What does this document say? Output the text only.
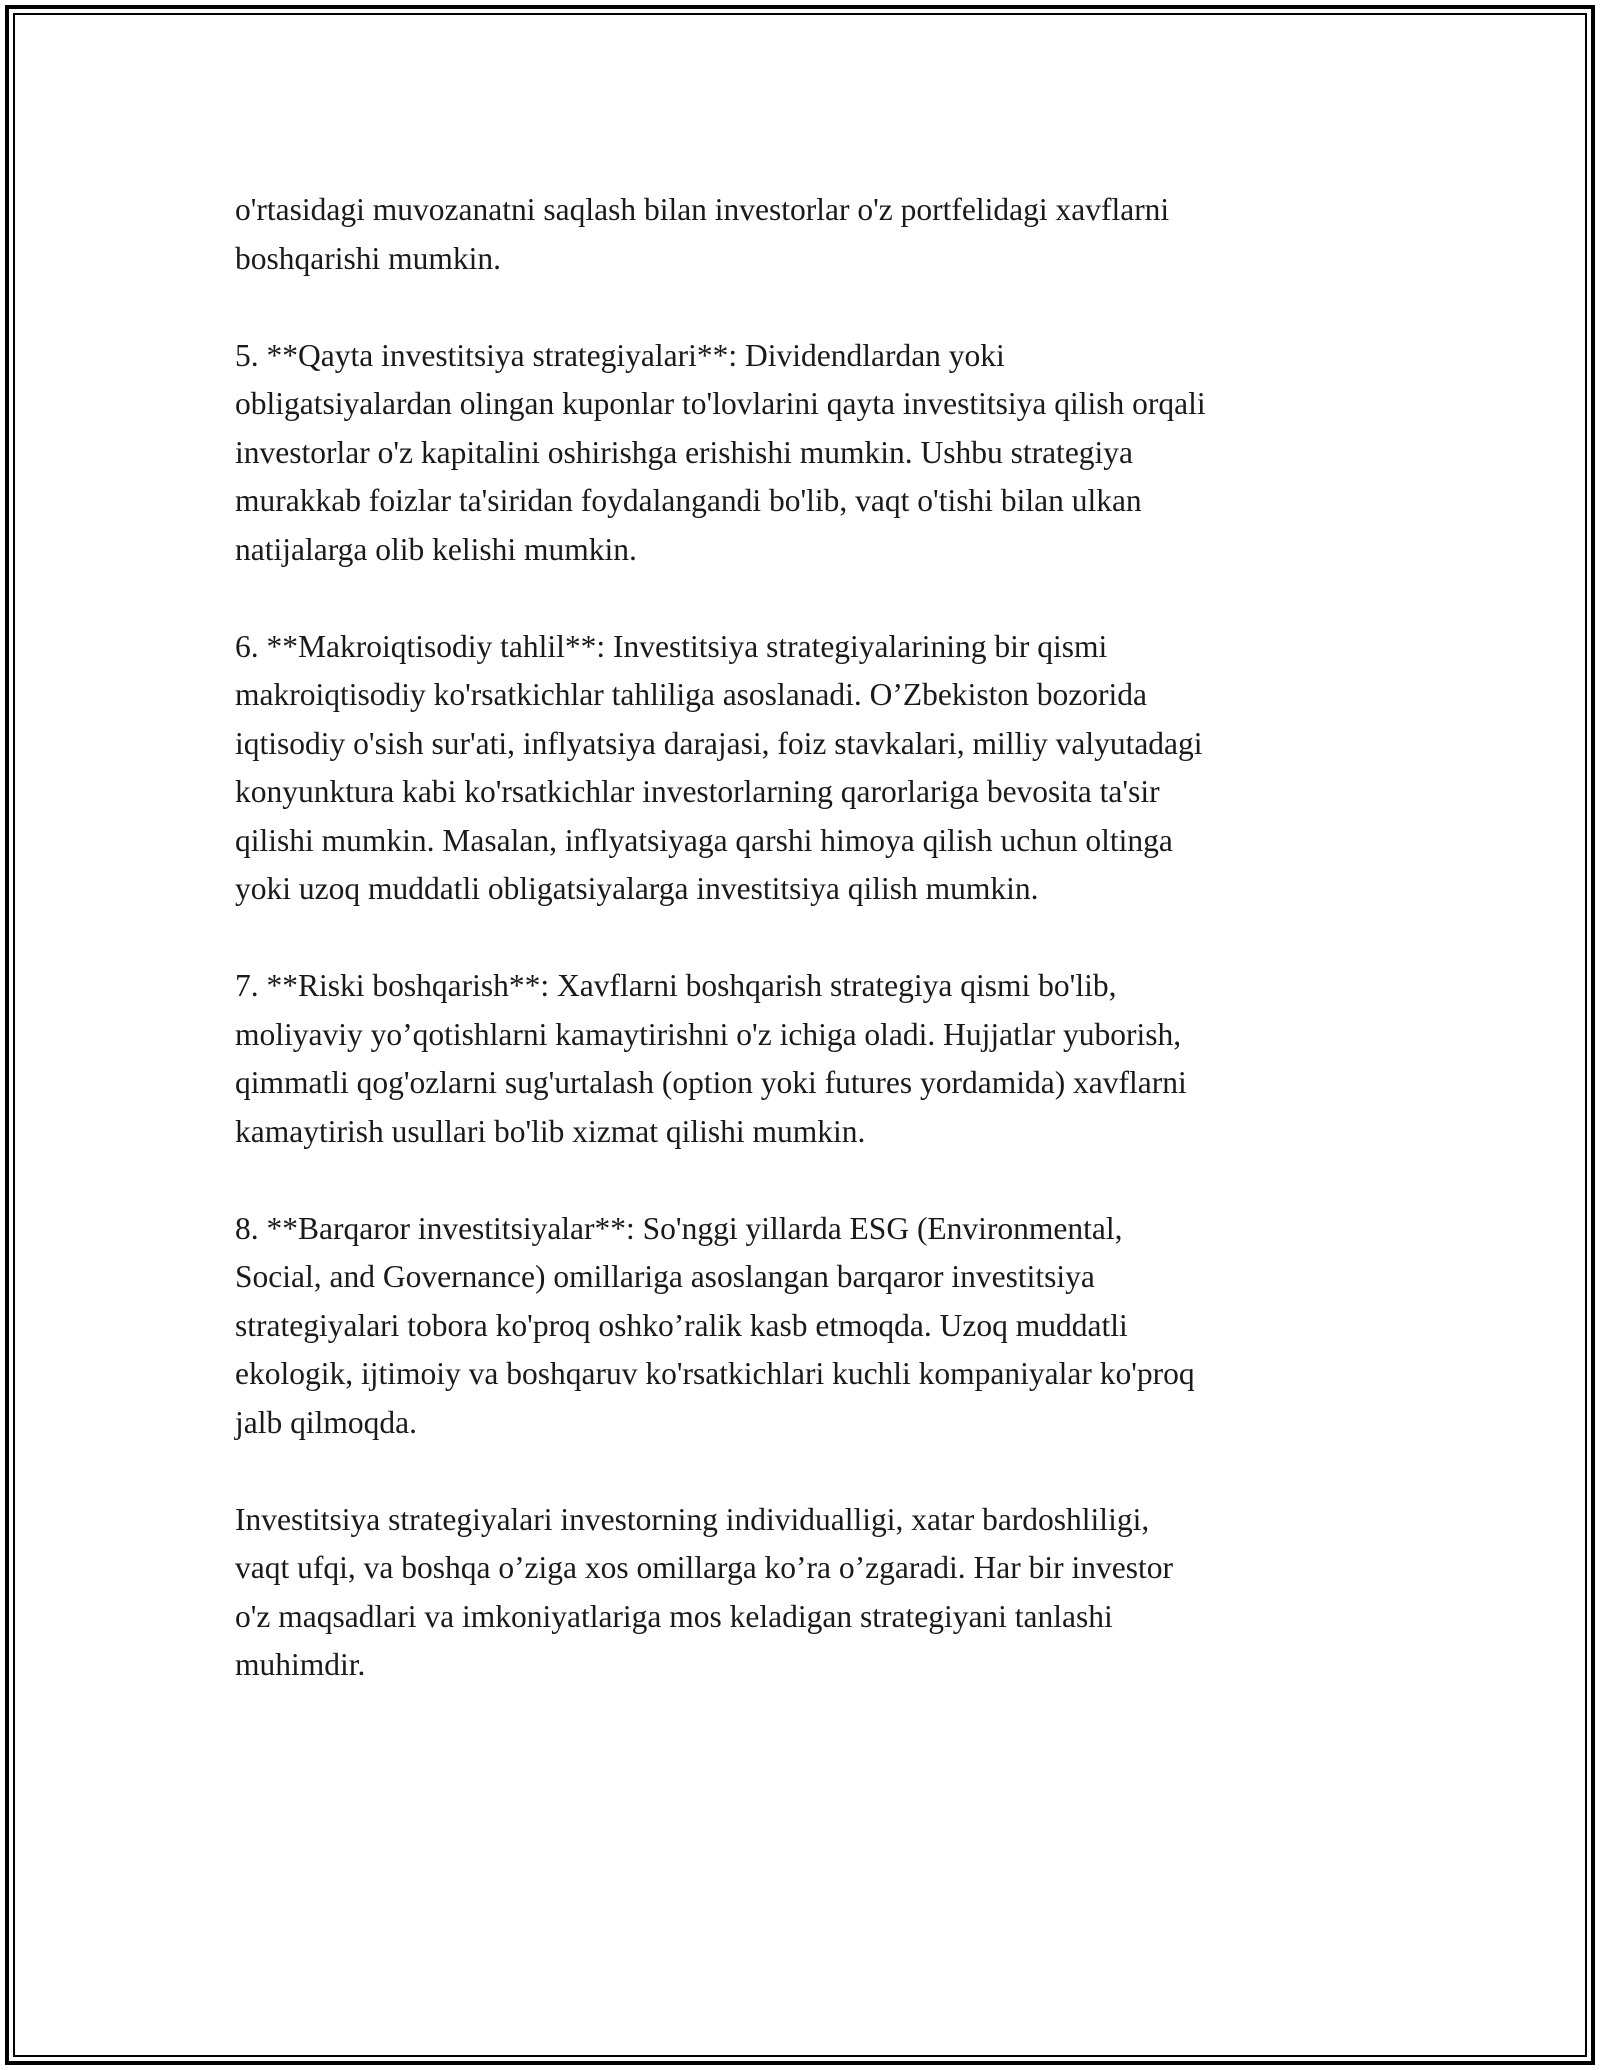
o'rtasidagi muvozanatni saqlash bilan investorlar o'z portfelidagi xavflarni
boshqarishi mumkin.

5. **Qayta investitsiya strategiyalari**: Dividendlardan yoki
obligatsiyalardan olingan kuponlar to'lovlarini qayta investitsiya qilish orqali
investorlar o'z kapitalini oshirishga erishishi mumkin. Ushbu strategiya
murakkab foizlar ta'siridan foydalangandi bo'lib, vaqt o'tishi bilan ulkan
natijalarga olib kelishi mumkin.

6. **Makroiqtisodiy tahlil**: Investitsiya strategiyalarining bir qismi
makroiqtisodiy ko'rsatkichlar tahliliga asoslanadi. O’Zbekiston bozorida
iqtisodiy o'sish sur'ati, inflyatsiya darajasi, foiz stavkalari, milliy valyutadagi
konyunktura kabi ko'rsatkichlar investorlarning qarorlariga bevosita ta'sir
qilishi mumkin. Masalan, inflyatsiyaga qarshi himoya qilish uchun oltinga
yoki uzoq muddatli obligatsiyalarga investitsiya qilish mumkin.

7. **Riski boshqarish**: Xavflarni boshqarish strategiya qismi bo'lib,
moliyaviy yo’qotishlarni kamaytirishni o'z ichiga oladi. Hujjatlar yuborish,
qimmatli qog'ozlarni sug'urtalash (option yoki futures yordamida) xavflarni
kamaytirish usullari bo'lib xizmat qilishi mumkin.

8. **Barqaror investitsiyalar**: So'nggi yillarda ESG (Environmental,
Social, and Governance) omillariga asoslangan barqaror investitsiya
strategiyalari tobora ko'proq oshko’ralik kasb etmoqda. Uzoq muddatli
ekologik, ijtimoiy va boshqaruv ko'rsatkichlari kuchli kompaniyalar ko'proq
jalb qilmoqda.

Investitsiya strategiyalari investorning individualligi, xatar bardoshliligi,
vaqt ufqi, va boshqa o’ziga xos omillarga ko’ra o’zgaradi. Har bir investor
o'z maqsadlari va imkoniyatlariga mos keladigan strategiyani tanlashi
muhimdir.
